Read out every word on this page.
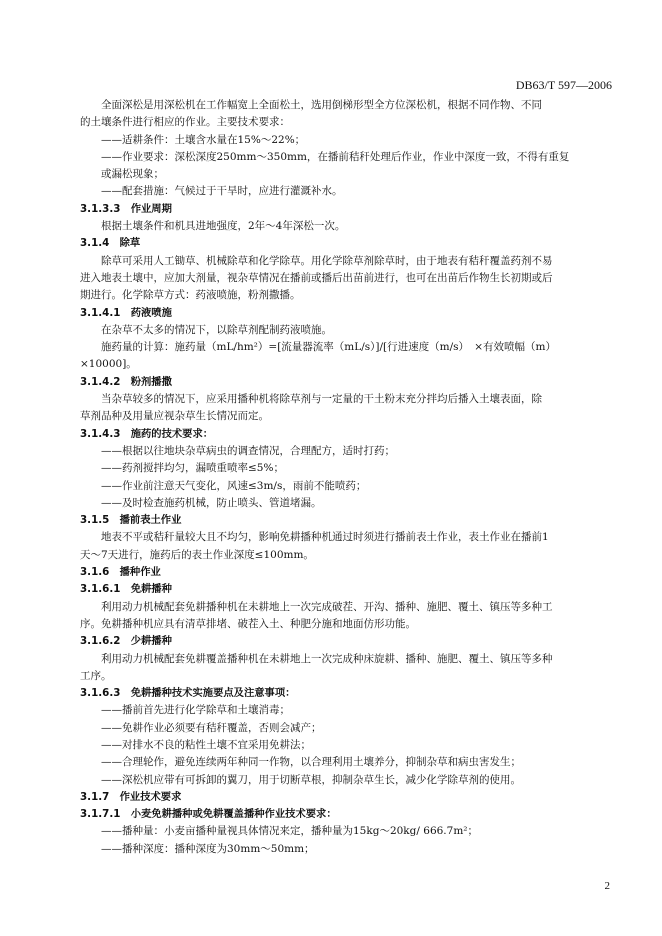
DB63/T 597—2006
全面深松是用深松机在工作幅宽上全面松土，选用倒梯形型全方位深松机，根据不同作物、不同
的土壤条件进行相应的作业。主要技术要求：
——适耕条件：土壤含水量在15%～22%；
——作业要求：深松深度250mm～350mm，在播前秸秆处理后作业，作业中深度一致，不得有重复
或漏松现象；
——配套措施：气候过于干旱时，应进行灌溉补水。
3.1.3.3　作业周期
根据土壤条件和机具进地强度，2年～4年深松一次。
3.1.4　除草
除草可采用人工锄草、机械除草和化学除草。用化学除草剂除草时，由于地表有秸秆覆盖药剂不易
进入地表土壤中，应加大剂量，视杂草情况在播前或播后出苗前进行，也可在出苗后作物生长初期或后
期进行。化学除草方式：药液喷施，粉剂撒播。
3.1.4.1　药液喷施
在杂草不太多的情况下，以除草剂配制药液喷施。
施药量的计算：施药量（mL/hm²）=[流量器流率（mL/s）]/[行进速度（m/s）　×有效喷幅（m）
×10000]。
3.1.4.2　粉剂播撒
当杂草较多的情况下，应采用播种机将除草剂与一定量的干土粉末充分拌均后播入土壤表面，除
草剂品种及用量应视杂草生长情况而定。
3.1.4.3　施药的技术要求：
——根据以往地块杂草病虫的调查情况，合理配方，适时打药；
——药剂搅拌均匀，漏喷重喷率≤5%；
——作业前注意天气变化，风速≤3m/s，雨前不能喷药；
——及时检查施药机械，防止喷头、管道堵漏。
3.1.5　播前表土作业
地表不平或秸秆量较大且不均匀，影响免耕播种机通过时须进行播前表土作业，表土作业在播前1
天～7天进行，施药后的表土作业深度≤100mm。
3.1.6　播种作业
3.1.6.1　免耕播种
利用动力机械配套免耕播种机在未耕地上一次完成破茬、开沟、播种、施肥、覆土、镇压等多种工
序。免耕播种机应具有清草排堵、破茬入土、种肥分施和地面仿形功能。
3.1.6.2　少耕播种
利用动力机械配套免耕覆盖播种机在未耕地上一次完成种床旋耕、播种、施肥、覆土、镇压等多种
工序。
3.1.6.3　免耕播种技术实施要点及注意事项：
——播前首先进行化学除草和土壤消毒；
——免耕作业必须要有秸秆覆盖，否则会减产；
——对排水不良的粘性土壤不宜采用免耕法；
——合理轮作，避免连续两年种同一作物，以合理利用土壤养分，抑制杂草和病虫害发生；
——深松机应带有可拆卸的翼刀，用于切断草根，抑制杂草生长，减少化学除草剂的使用。
3.1.7　作业技术要求
3.1.7.1　小麦免耕播种或免耕覆盖播种作业技术要求：
——播种量：小麦亩播种量视具体情况来定，播种量为15kg～20kg/ 666.7m²；
——播种深度：播种深度为30mm～50mm；
2
